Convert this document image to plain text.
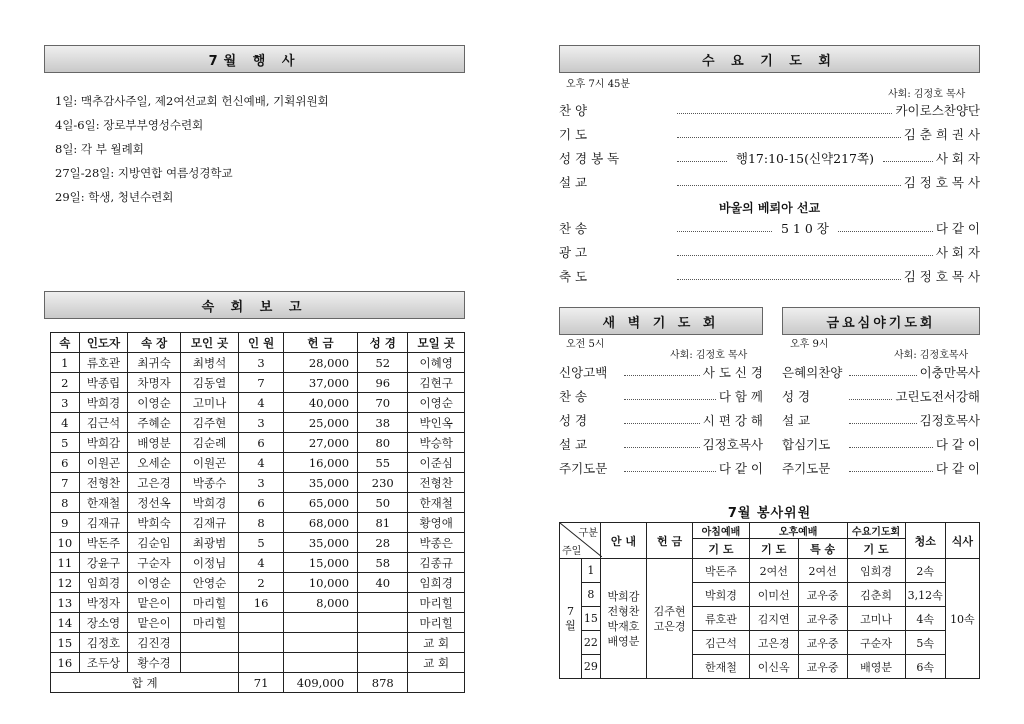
7월 행 사
1일: 맥추감사주일, 제2여선교회 헌신예배, 기획위원회
4일-6일: 장로부부영성수련회
8일: 각 부 월례회
27일-28일: 지방연합 여름성경학교
29일: 학생, 청년수련회
속 회 보 고
속	인도자	속 장	모인 곳	인 원	헌 금	성 경	모일 곳
1	류호관	최귀숙	최병석	3	28,000	52	이혜영
2	박종립	차명자	김동열	7	37,000	96	김현구
3	박희경	이영순	고미나	4	40,000	70	이영순
4	김근석	주혜순	김주현	3	25,000	38	박인옥
5	박희감	배영분	김순례	6	27,000	80	박승학
6	이원곤	오세순	이원곤	4	16,000	55	이준심
7	전형찬	고은경	박종수	3	35,000	230	전형찬
8	한재철	정선옥	박희경	6	65,000	50	한재철
9	김재규	박희숙	김재규	8	68,000	81	황영애
10	박돈주	김순임	최광범	5	35,000	28	박종은
11	강윤구	구순자	이정님	4	15,000	58	김종규
12	임희경	이영순	안영순	2	10,000	40	임희경
13	박정자	맡은이	마리힐	16	8,000		마리힐
14	장소영	맡은이	마리힐				마리힐
15	김정호	김진경					교 회
16	조두상	황수경					교 회
합 계				71	409,000	878	
수 요 기 도 회
오후 7시 45분
사회: 김정호 목사
찬 양	카이로스찬양단
기 도	김 춘 희 권 사
성 경 봉 독	행17:10-15(신약217쪽)	사 회 자
설 교	김 정 호 목 사
바울의 베뢰아 선교
찬 송	5 1 0 장	다 같 이
광 고	사 회 자
축 도	김 정 호 목 사
새 벽 기 도 회
오전 5시
사회: 김정호 목사
신앙고백	사 도 신 경
찬 송	다 함 께
성 경	시 편 강 해
설 교	김정호목사
주기도문	다 같 이
금요심야기도회
오후 9시
사회: 김정호목사
은혜의찬양	이충만목사
성 경	고린도전서강해
설 교	김정호목사
합심기도	다 같 이
주기도문	다 같 이
7월 봉사위원
구분
주일		안 내	헌 금	아침예배	오후예배		수요기도회	청소	식사
				기 도	기 도	특 송	기 도		
7월	1	박희감 전형찬 박재호 배영분	김주현 고은경	박돈주	2여선	2여선	임희경	2속	10속
	8			박희경	이미선	교우중	김춘희	3,12속	
	15			류호관	김지연	교우중	고미나	4속	
	22			김근석	고은경	교우중	구순자	5속	
	29			한재철	이신옥	교우중	배영분	6속	
